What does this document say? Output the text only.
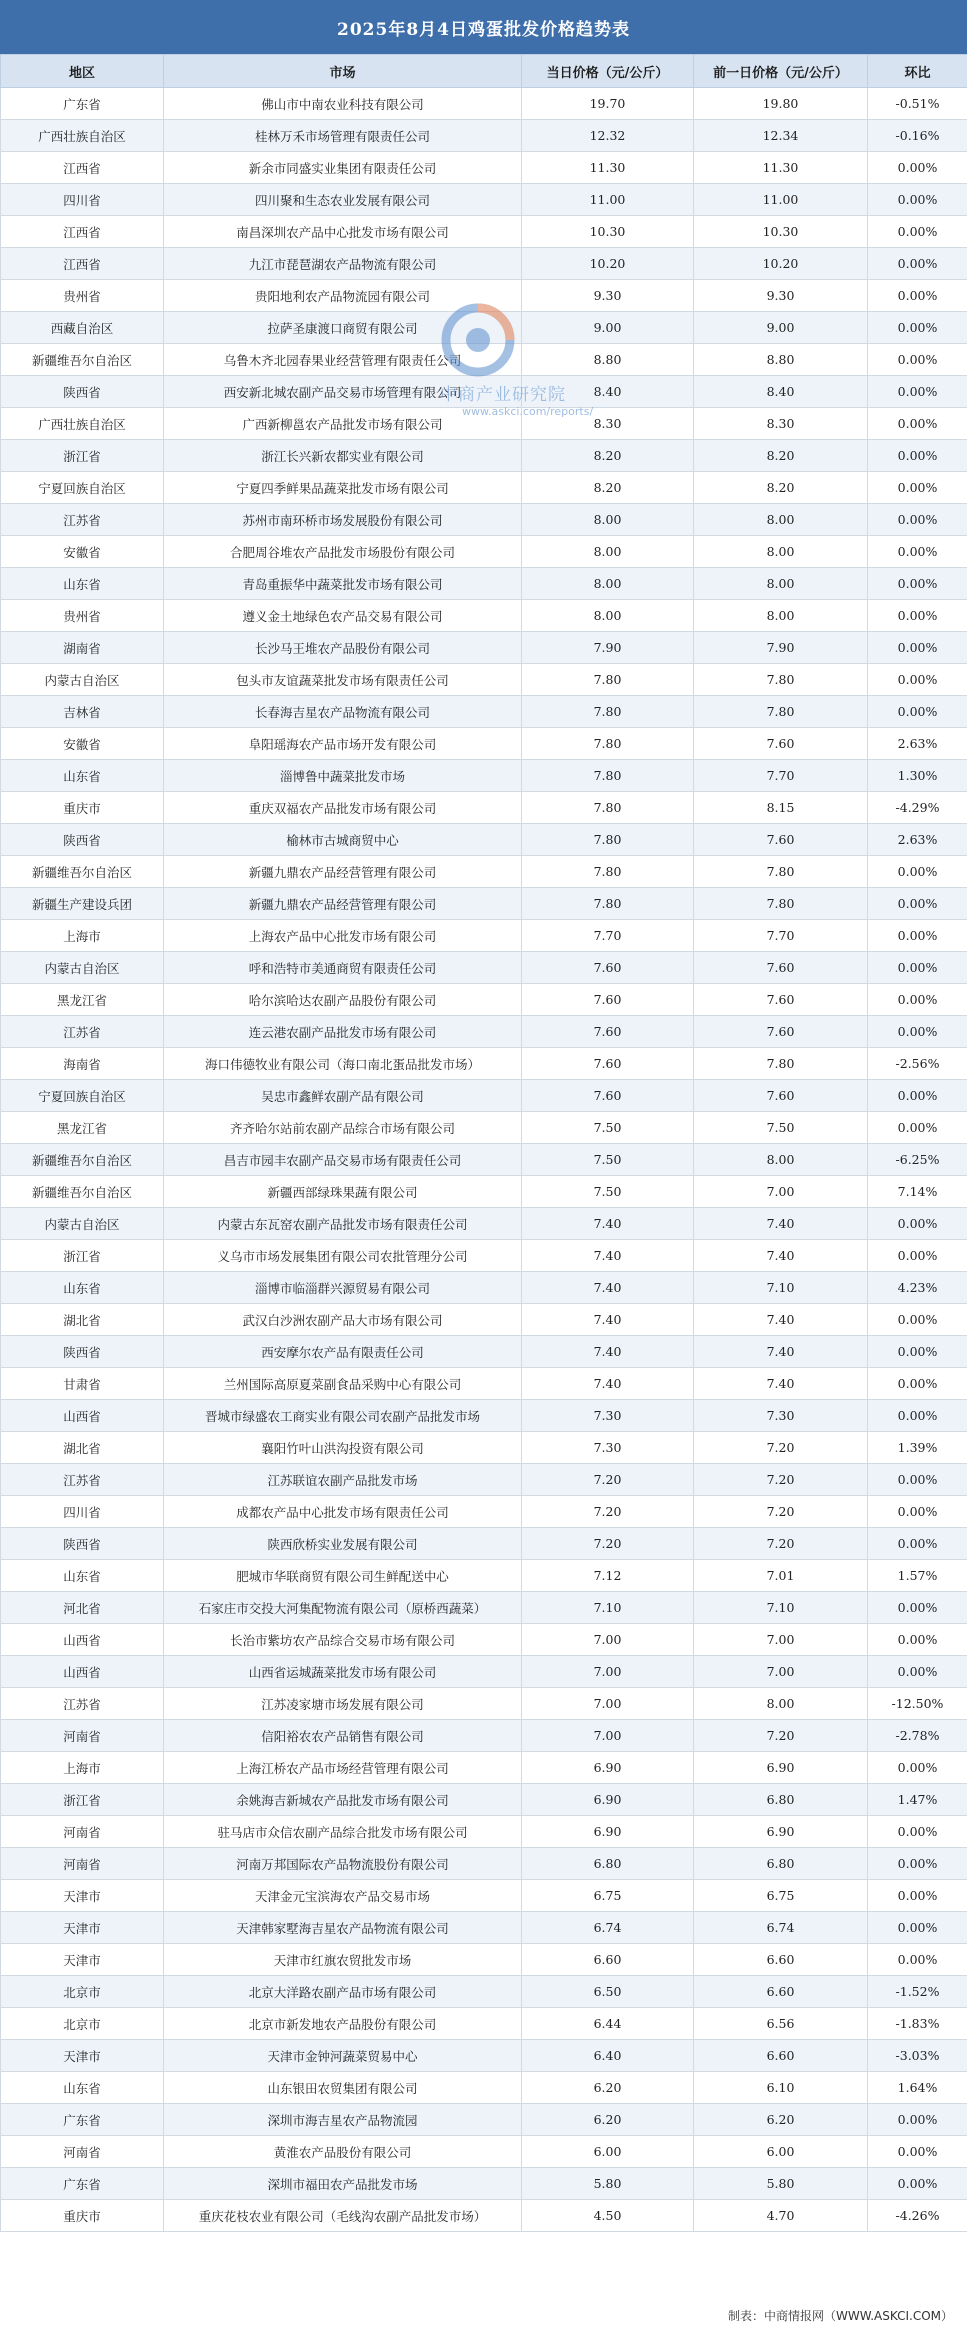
2025年8月4日鸡蛋批发价格趋势表
地区	市场	当日价格（元/公斤）	前一日价格（元/公斤）	环比
广东省	佛山市中南农业科技有限公司	19.70	19.80	-0.51%
广西壮族自治区	桂林万禾市场管理有限责任公司	12.32	12.34	-0.16%
江西省	新余市同盛实业集团有限责任公司	11.30	11.30	0.00%
四川省	四川聚和生态农业发展有限公司	11.00	11.00	0.00%
江西省	南昌深圳农产品中心批发市场有限公司	10.30	10.30	0.00%
江西省	九江市琵琶湖农产品物流有限公司	10.20	10.20	0.00%
贵州省	贵阳地利农产品物流园有限公司	9.30	9.30	0.00%
西藏自治区	拉萨圣康渡口商贸有限公司	9.00	9.00	0.00%
新疆维吾尔自治区	乌鲁木齐北园春果业经营管理有限责任公司	8.80	8.80	0.00%
陕西省	西安新北城农副产品交易市场管理有限公司	8.40	8.40	0.00%
广西壮族自治区	广西新柳邕农产品批发市场有限公司	8.30	8.30	0.00%
浙江省	浙江长兴新农都实业有限公司	8.20	8.20	0.00%
宁夏回族自治区	宁夏四季鲜果品蔬菜批发市场有限公司	8.20	8.20	0.00%
江苏省	苏州市南环桥市场发展股份有限公司	8.00	8.00	0.00%
安徽省	合肥周谷堆农产品批发市场股份有限公司	8.00	8.00	0.00%
山东省	青岛重振华中蔬菜批发市场有限公司	8.00	8.00	0.00%
贵州省	遵义金土地绿色农产品交易有限公司	8.00	8.00	0.00%
湖南省	长沙马王堆农产品股份有限公司	7.90	7.90	0.00%
内蒙古自治区	包头市友谊蔬菜批发市场有限责任公司	7.80	7.80	0.00%
吉林省	长春海吉星农产品物流有限公司	7.80	7.80	0.00%
安徽省	阜阳瑶海农产品市场开发有限公司	7.80	7.60	2.63%
山东省	淄博鲁中蔬菜批发市场	7.80	7.70	1.30%
重庆市	重庆双福农产品批发市场有限公司	7.80	8.15	-4.29%
陕西省	榆林市古城商贸中心	7.80	7.60	2.63%
新疆维吾尔自治区	新疆九鼎农产品经营管理有限公司	7.80	7.80	0.00%
新疆生产建设兵团	新疆九鼎农产品经营管理有限公司	7.80	7.80	0.00%
上海市	上海农产品中心批发市场有限公司	7.70	7.70	0.00%
内蒙古自治区	呼和浩特市美通商贸有限责任公司	7.60	7.60	0.00%
黑龙江省	哈尔滨哈达农副产品股份有限公司	7.60	7.60	0.00%
江苏省	连云港农副产品批发市场有限公司	7.60	7.60	0.00%
海南省	海口伟德牧业有限公司（海口南北蛋品批发市场）	7.60	7.80	-2.56%
宁夏回族自治区	吴忠市鑫鲜农副产品有限公司	7.60	7.60	0.00%
黑龙江省	齐齐哈尔站前农副产品综合市场有限公司	7.50	7.50	0.00%
新疆维吾尔自治区	昌吉市园丰农副产品交易市场有限责任公司	7.50	8.00	-6.25%
新疆维吾尔自治区	新疆西部绿珠果蔬有限公司	7.50	7.00	7.14%
内蒙古自治区	内蒙古东瓦窑农副产品批发市场有限责任公司	7.40	7.40	0.00%
浙江省	义乌市市场发展集团有限公司农批管理分公司	7.40	7.40	0.00%
山东省	淄博市临淄群兴源贸易有限公司	7.40	7.10	4.23%
湖北省	武汉白沙洲农副产品大市场有限公司	7.40	7.40	0.00%
陕西省	西安摩尔农产品有限责任公司	7.40	7.40	0.00%
甘肃省	兰州国际高原夏菜副食品采购中心有限公司	7.40	7.40	0.00%
山西省	晋城市绿盛农工商实业有限公司农副产品批发市场	7.30	7.30	0.00%
湖北省	襄阳竹叶山洪沟投资有限公司	7.30	7.20	1.39%
江苏省	江苏联谊农副产品批发市场	7.20	7.20	0.00%
四川省	成都农产品中心批发市场有限责任公司	7.20	7.20	0.00%
陕西省	陕西欣桥实业发展有限公司	7.20	7.20	0.00%
山东省	肥城市华联商贸有限公司生鲜配送中心	7.12	7.01	1.57%
河北省	石家庄市交投大河集配物流有限公司（原桥西蔬菜）	7.10	7.10	0.00%
山西省	长治市紫坊农产品综合交易市场有限公司	7.00	7.00	0.00%
山西省	山西省运城蔬菜批发市场有限公司	7.00	7.00	0.00%
江苏省	江苏凌家塘市场发展有限公司	7.00	8.00	-12.50%
河南省	信阳裕农农产品销售有限公司	7.00	7.20	-2.78%
上海市	上海江桥农产品市场经营管理有限公司	6.90	6.90	0.00%
浙江省	余姚海吉新城农产品批发市场有限公司	6.90	6.80	1.47%
河南省	驻马店市众信农副产品综合批发市场有限公司	6.90	6.90	0.00%
河南省	河南万邦国际农产品物流股份有限公司	6.80	6.80	0.00%
天津市	天津金元宝滨海农产品交易市场	6.75	6.75	0.00%
天津市	天津韩家墅海吉星农产品物流有限公司	6.74	6.74	0.00%
天津市	天津市红旗农贸批发市场	6.60	6.60	0.00%
北京市	北京大洋路农副产品市场有限公司	6.50	6.60	-1.52%
北京市	北京市新发地农产品股份有限公司	6.44	6.56	-1.83%
天津市	天津市金钟河蔬菜贸易中心	6.40	6.60	-3.03%
山东省	山东银田农贸集团有限公司	6.20	6.10	1.64%
广东省	深圳市海吉星农产品物流园	6.20	6.20	0.00%
河南省	黄淮农产品股份有限公司	6.00	6.00	0.00%
广东省	深圳市福田农产品批发市场	5.80	5.80	0.00%
重庆市	重庆花枝农业有限公司（毛线沟农副产品批发市场）	4.50	4.70	-4.26%
中商产业研究院
www.askci.com/reports/
制表：中商情报网（WWW.ASKCI.COM）
